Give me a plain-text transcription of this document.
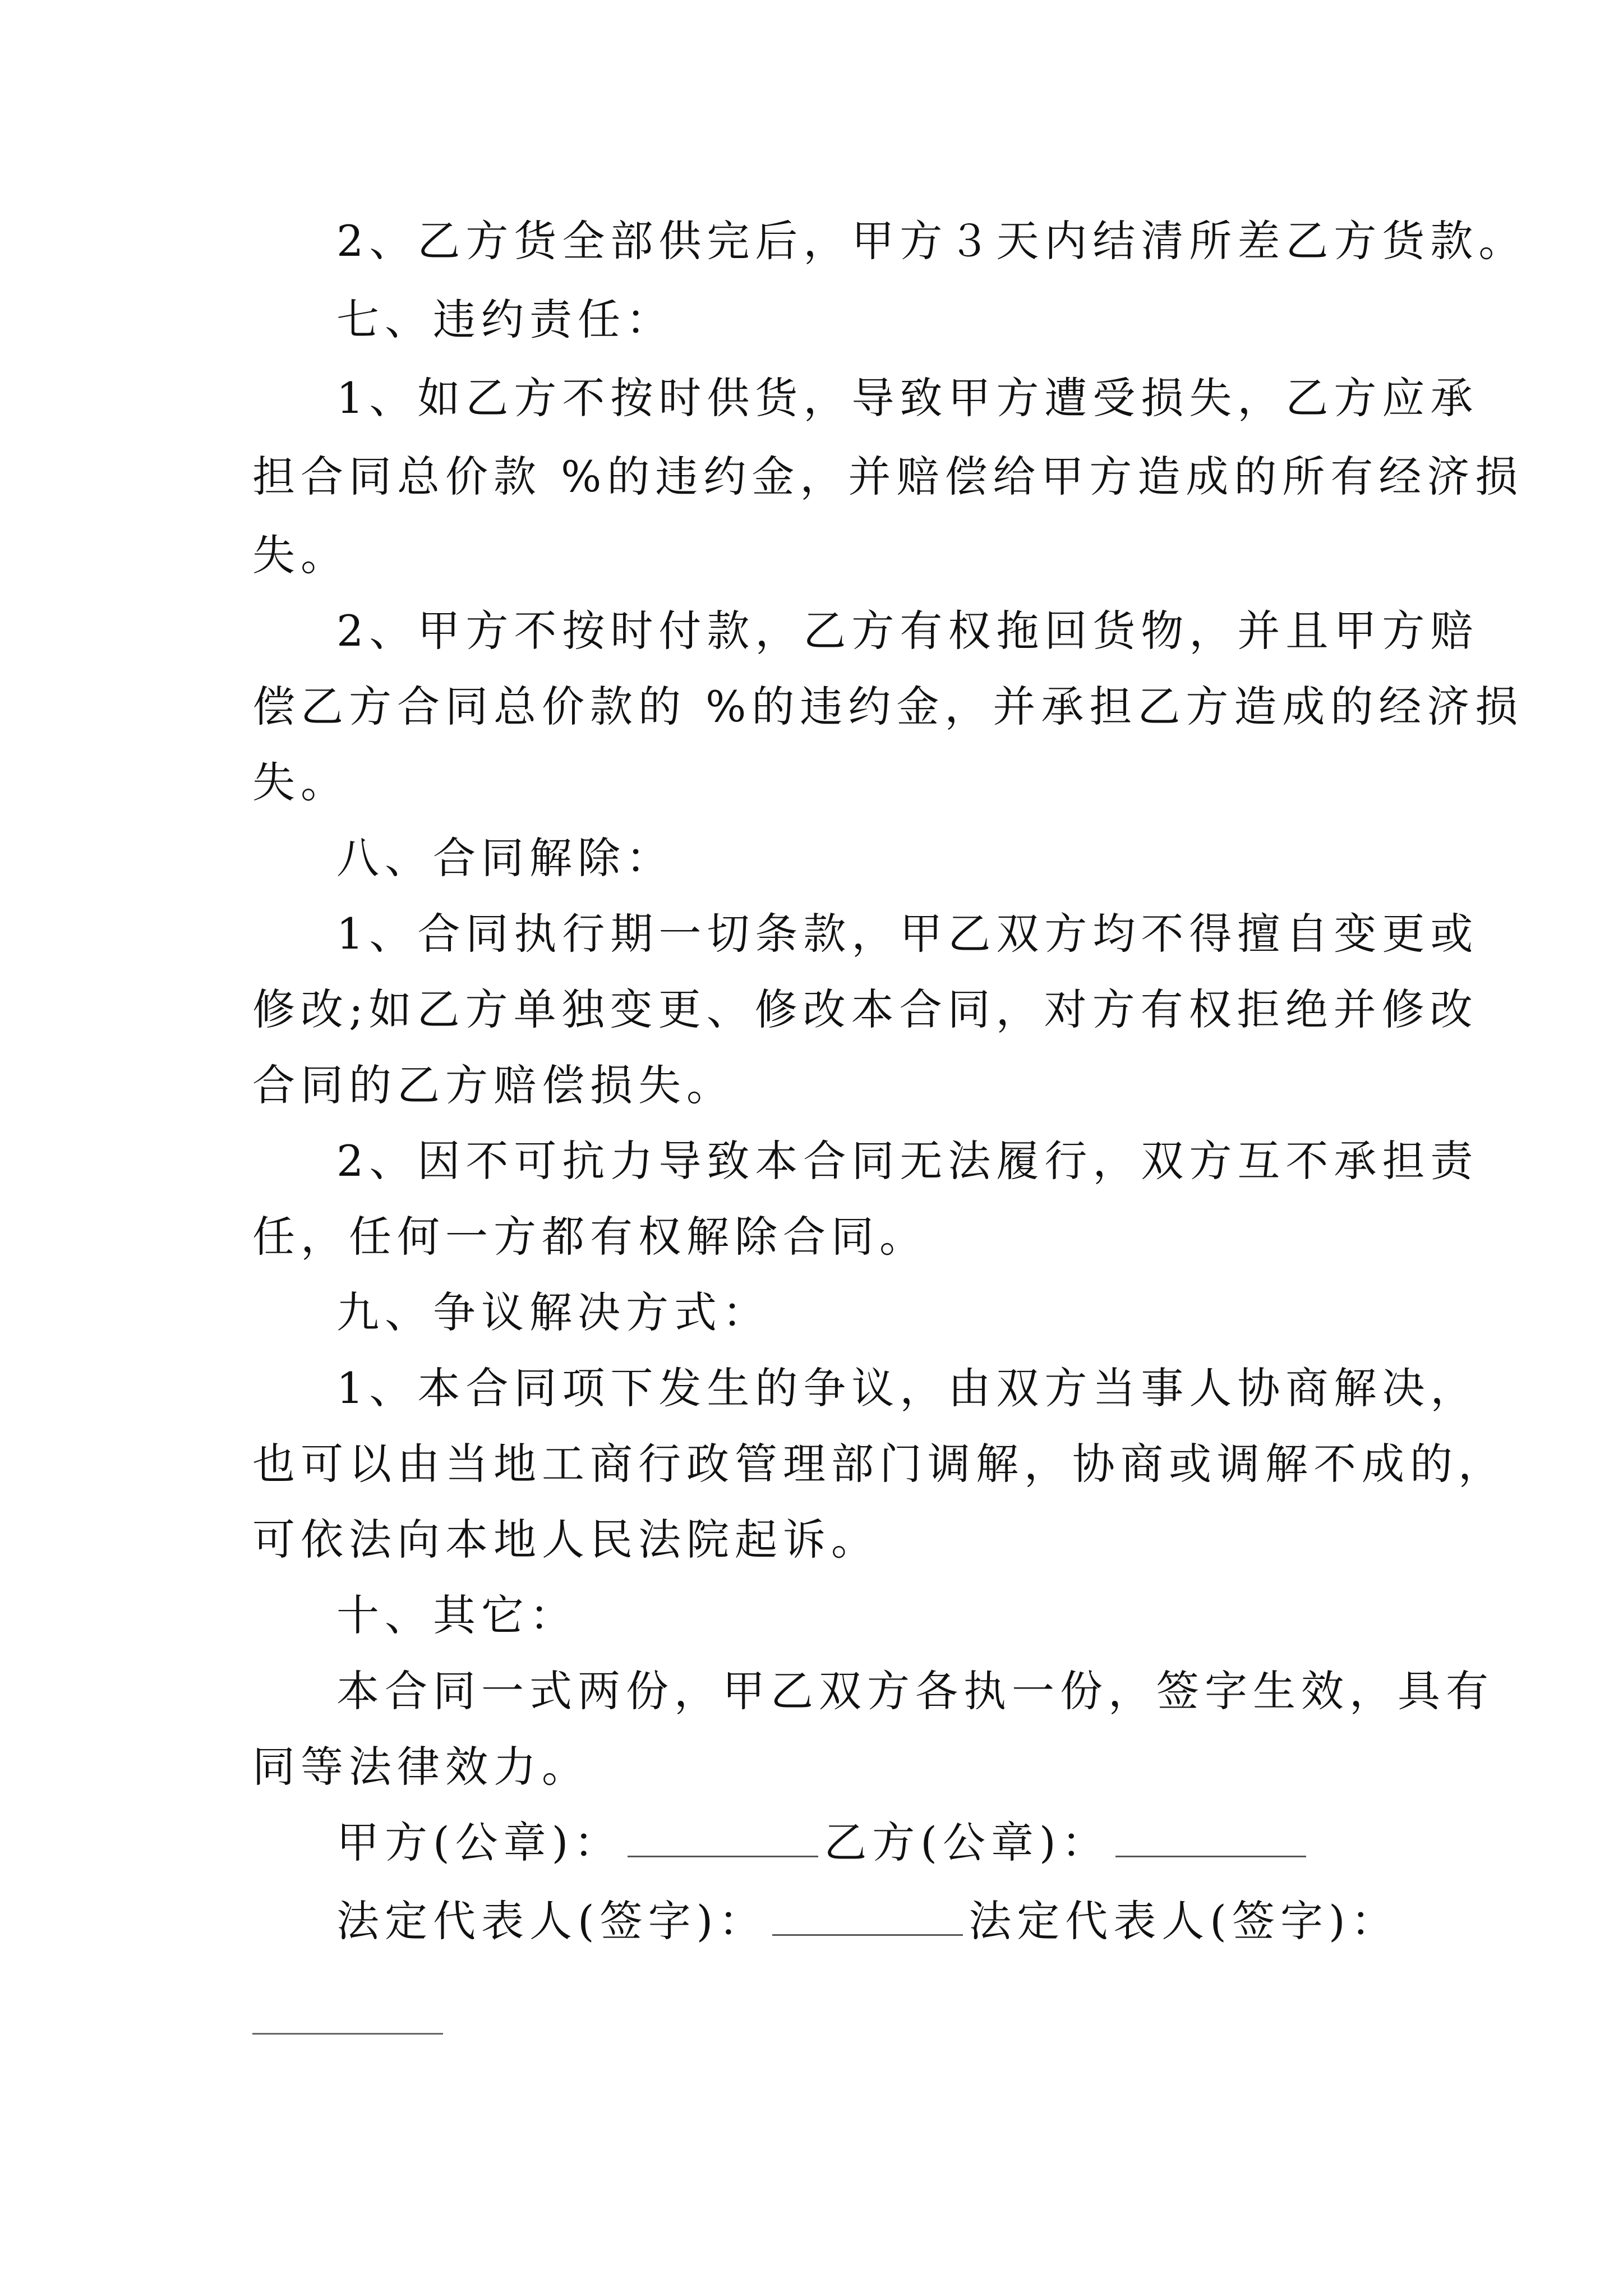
2、乙方货全部供完后，甲方３天内结清所差乙方货款。
七、违约责任：
1、如乙方不按时供货，导致甲方遭受损失，乙方应承
担合同总价款 %的违约金，并赔偿给甲方造成的所有经济损
失。
2、甲方不按时付款，乙方有权拖回货物，并且甲方赔
偿乙方合同总价款的 %的违约金，并承担乙方造成的经济损
失。
八、合同解除：
1、合同执行期一切条款，甲乙双方均不得擅自变更或
修改;如乙方单独变更、修改本合同，对方有权拒绝并修改
合同的乙方赔偿损失。
2、因不可抗力导致本合同无法履行，双方互不承担责
任，任何一方都有权解除合同。
九、争议解决方式：
1、本合同项下发生的争议，由双方当事人协商解决，
也可以由当地工商行政管理部门调解，协商或调解不成的，
可依法向本地人民法院起诉。
十、其它：
本合同一式两份，甲乙双方各执一份，签字生效，具有
同等法律效力。
甲方(公章)：	乙方(公章)：
法定代表人(签字)：	法定代表人(签字)：
